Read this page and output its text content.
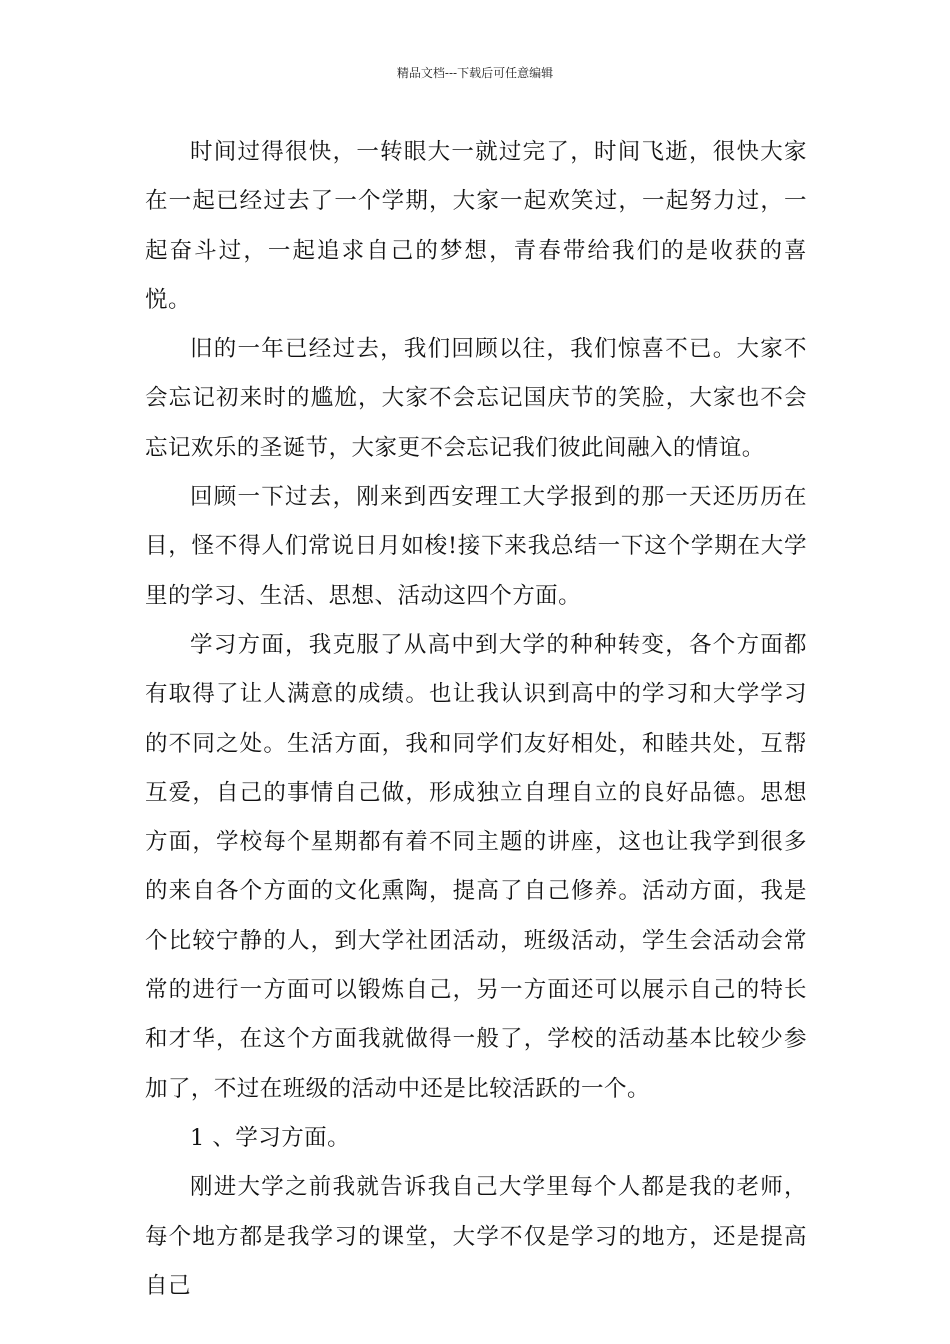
精品文档---下载后可任意编辑

时间过得很快，一转眼大一就过完了，时间飞逝，很快大家在一起已经过去了一个学期，大家一起欢笑过，一起努力过，一起奋斗过，一起追求自己的梦想，青春带给我们的是收获的喜悦。

旧的一年已经过去，我们回顾以往，我们惊喜不已。大家不会忘记初来时的尴尬，大家不会忘记国庆节的笑脸，大家也不会忘记欢乐的圣诞节，大家更不会忘记我们彼此间融入的情谊。

回顾一下过去，刚来到西安理工大学报到的那一天还历历在目，怪不得人们常说日月如梭!接下来我总结一下这个学期在大学里的学习、生活、思想、活动这四个方面。

学习方面，我克服了从高中到大学的种种转变，各个方面都有取得了让人满意的成绩。也让我认识到高中的学习和大学学习的不同之处。生活方面，我和同学们友好相处，和睦共处，互帮互爱，自己的事情自己做，形成独立自理自立的良好品德。思想方面，学校每个星期都有着不同主题的讲座，这也让我学到很多的来自各个方面的文化熏陶，提高了自己修养。活动方面，我是个比较宁静的人，到大学社团活动，班级活动，学生会活动会常常的进行一方面可以锻炼自己，另一方面还可以展示自己的特长和才华，在这个方面我就做得一般了，学校的活动基本比较少参加了，不过在班级的活动中还是比较活跃的一个。

1 、学习方面。

刚进大学之前我就告诉我自己大学里每个人都是我的老师，每个地方都是我学习的课堂，大学不仅是学习的地方，还是提高自己
